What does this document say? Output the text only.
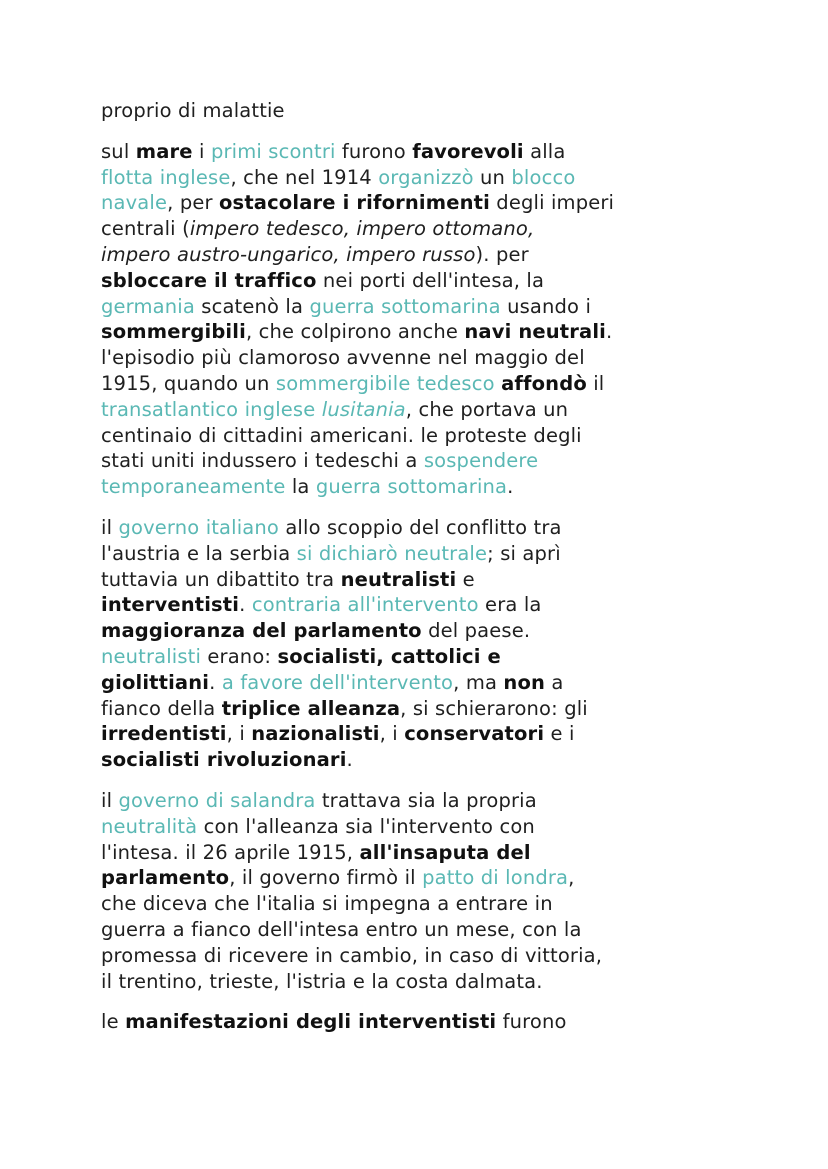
proprio di malattie
sul mare i primi scontri furono favorevoli alla
flotta inglese, che nel 1914 organizzò un blocco
navale, per ostacolare i rifornimenti degli imperi
centrali (impero tedesco, impero ottomano,
impero austro-ungarico, impero russo). per
sbloccare il traffico nei porti dell'intesa, la
germania scatenò la guerra sottomarina usando i
sommergibili, che colpirono anche navi neutrali.
l'episodio più clamoroso avvenne nel maggio del
1915, quando un sommergibile tedesco affondò il
transatlantico inglese lusitania, che portava un
centinaio di cittadini americani. le proteste degli
stati uniti indussero i tedeschi a sospendere
temporaneamente la guerra sottomarina.
il governo italiano allo scoppio del conflitto tra
l'austria e la serbia si dichiarò neutrale; si aprì
tuttavia un dibattito tra neutralisti e
interventisti. contraria all'intervento era la
maggioranza del parlamento del paese.
neutralisti erano: socialisti, cattolici e
giolittiani. a favore dell'intervento, ma non a
fianco della triplice alleanza, si schierarono: gli
irredentisti, i nazionalisti, i conservatori e i
socialisti rivoluzionari.
il governo di salandra trattava sia la propria
neutralità con l'alleanza sia l'intervento con
l'intesa. il 26 aprile 1915, all'insaputa del
parlamento, il governo firmò il patto di londra,
che diceva che l'italia si impegna a entrare in
guerra a fianco dell'intesa entro un mese, con la
promessa di ricevere in cambio, in caso di vittoria,
il trentino, trieste, l'istria e la costa dalmata.
le manifestazioni degli interventisti furono
